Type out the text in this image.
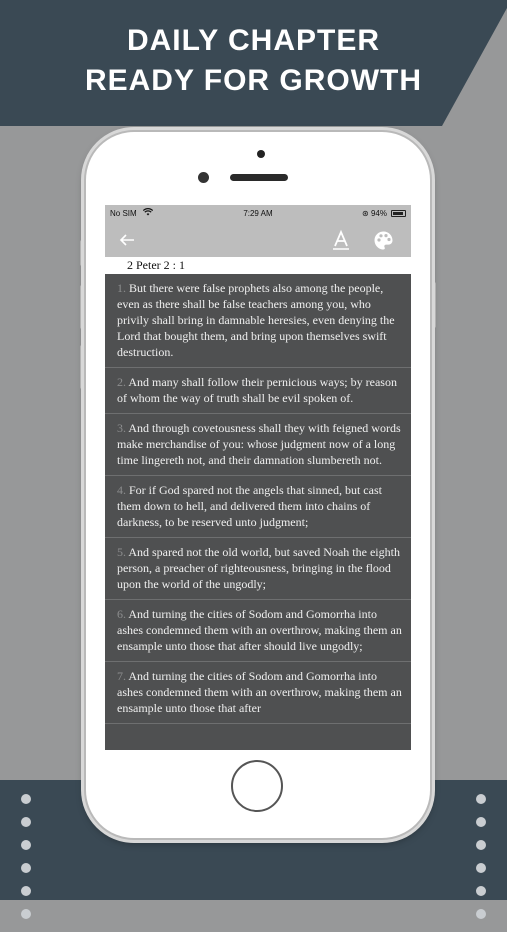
DAILY CHAPTER
READY FOR GROWTH
No SIM	7:29 AM	⊛ 94%
2 Peter 2 : 1
1. But there were false prophets also among the people, even as there shall be false teachers among you, who privily shall bring in damnable heresies, even denying the Lord that bought them, and bring upon themselves swift destruction.
2. And many shall follow their pernicious ways; by reason of whom the way of truth shall be evil spoken of.
3. And through covetousness shall they with feigned words make merchandise of you: whose judgment now of a long time lingereth not, and their damnation slumbereth not.
4. For if God spared not the angels that sinned, but cast them down to hell, and delivered them into chains of darkness, to be reserved unto judgment;
5. And spared not the old world, but saved Noah the eighth person, a preacher of righteousness, bringing in the flood upon the world of the ungodly;
6. And turning the cities of Sodom and Gomorrha into ashes condemned them with an overthrow, making them an ensample unto those that after should live ungodly;
7. And turning the cities of Sodom and Gomorrha into ashes condemned them with an overthrow, making them an ensample unto those that after
